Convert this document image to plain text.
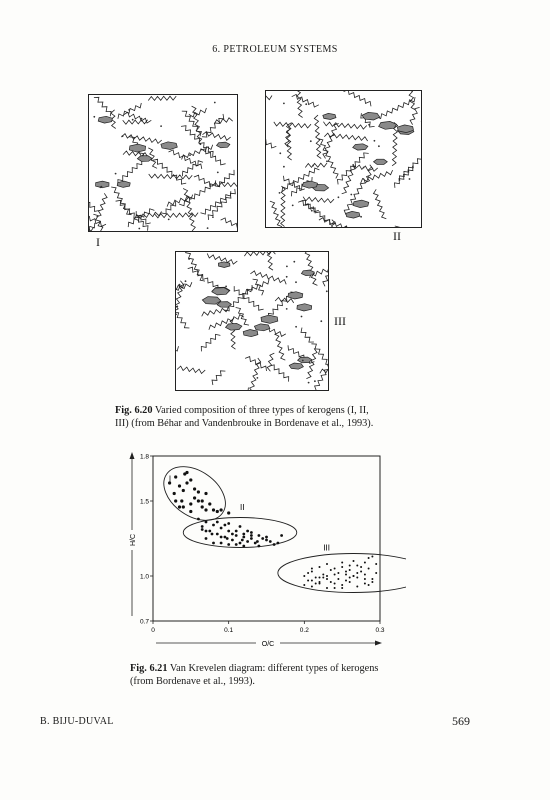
6. PETROLEUM SYSTEMS
I	II
III
Fig. 6.20 Varied composition of three types of kerogens (I, II, III) (from Béhar and Vandenbrouke in Bordenave et al., 1993).
0	0.1	0.2	0.3
0.7
1.0
1.5
1.8
H/C
O/C
I
II
III
Fig. 6.21 Van Krevelen diagram: different types of kerogens (from Bordenave et al., 1993).
B. BIJU-DUVAL	569
